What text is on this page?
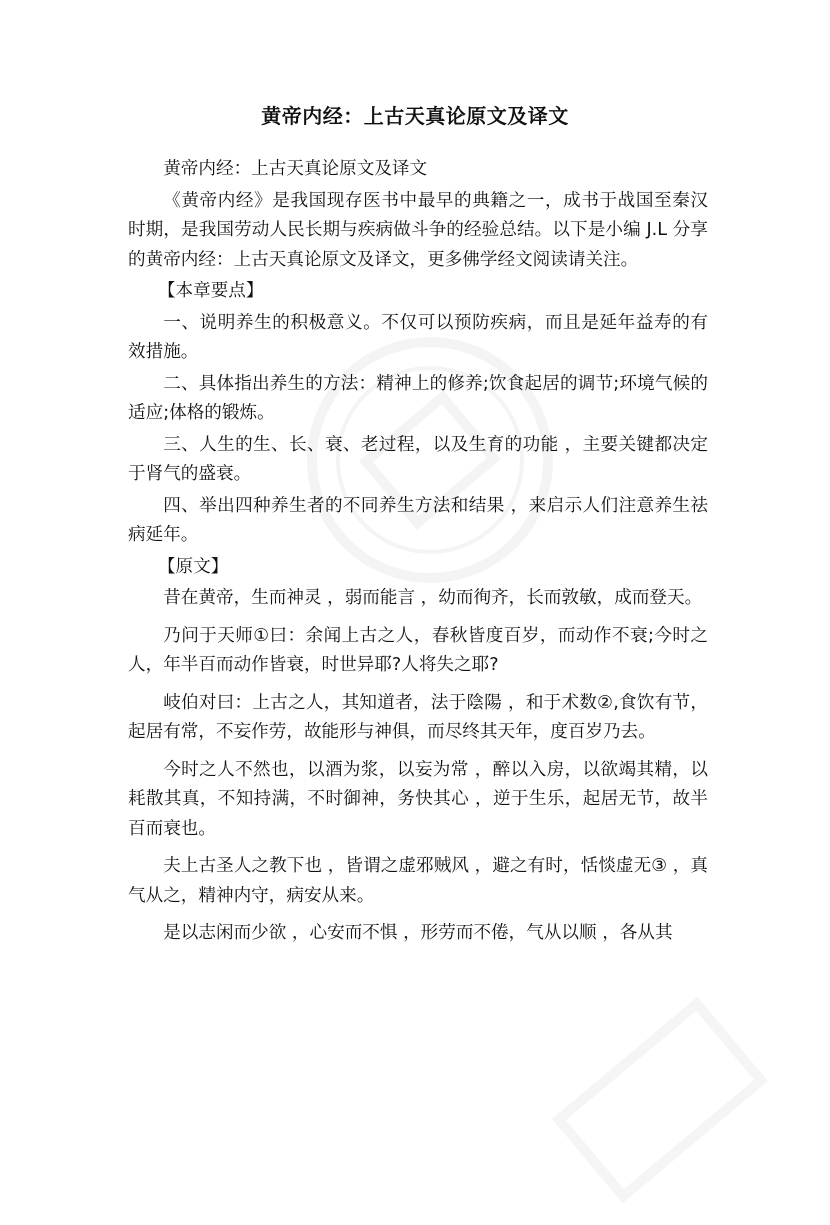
黄帝内经：上古天真论原文及译文

黄帝内经：上古天真论原文及译文

《黄帝内经》是我国现存医书中最早的典籍之一，成书于战国至秦汉时期，是我国劳动人民长期与疾病做斗争的经验总结。以下是小编 J.L 分享的黄帝内经：上古天真论原文及译文，更多佛学经文阅读请关注。

【本章要点】

一、说明养生的积极意义。不仅可以预防疾病，而且是延年益寿的有效措施。

二、具体指出养生的方法：精神上的修养;饮食起居的调节;环境气候的适应;体格的锻炼。

三、人生的生、长、衰、老过程，以及生育的功能 ，主要关键都决定于肾气的盛衰。

四、举出四种养生者的不同养生方法和结果 ，来启示人们注意养生祛病延年。

【原文】

昔在黄帝，生而神灵 ，弱而能言 ，幼而徇齐，长而敦敏，成而登天。

乃问于天师①曰：余闻上古之人，春秋皆度百岁，而动作不衰;今时之人，年半百而动作皆衰，时世异耶?人将失之耶?

岐伯对曰：上古之人，其知道者，法于陰陽 ，和于术数②,食饮有节，起居有常，不妄作劳，故能形与神俱，而尽终其天年，度百岁乃去。

今时之人不然也，以酒为浆，以妄为常 ，醉以入房，以欲竭其精，以耗散其真，不知持满，不时御神，务快其心 ，逆于生乐，起居无节，故半百而衰也。

夫上古圣人之教下也 ，皆谓之虚邪贼风 ，避之有时，恬惔虚无③ ，真气从之，精神内守，病安从来。

是以志闲而少欲 ，心安而不惧 ，形劳而不倦，气从以顺 ，各从其
